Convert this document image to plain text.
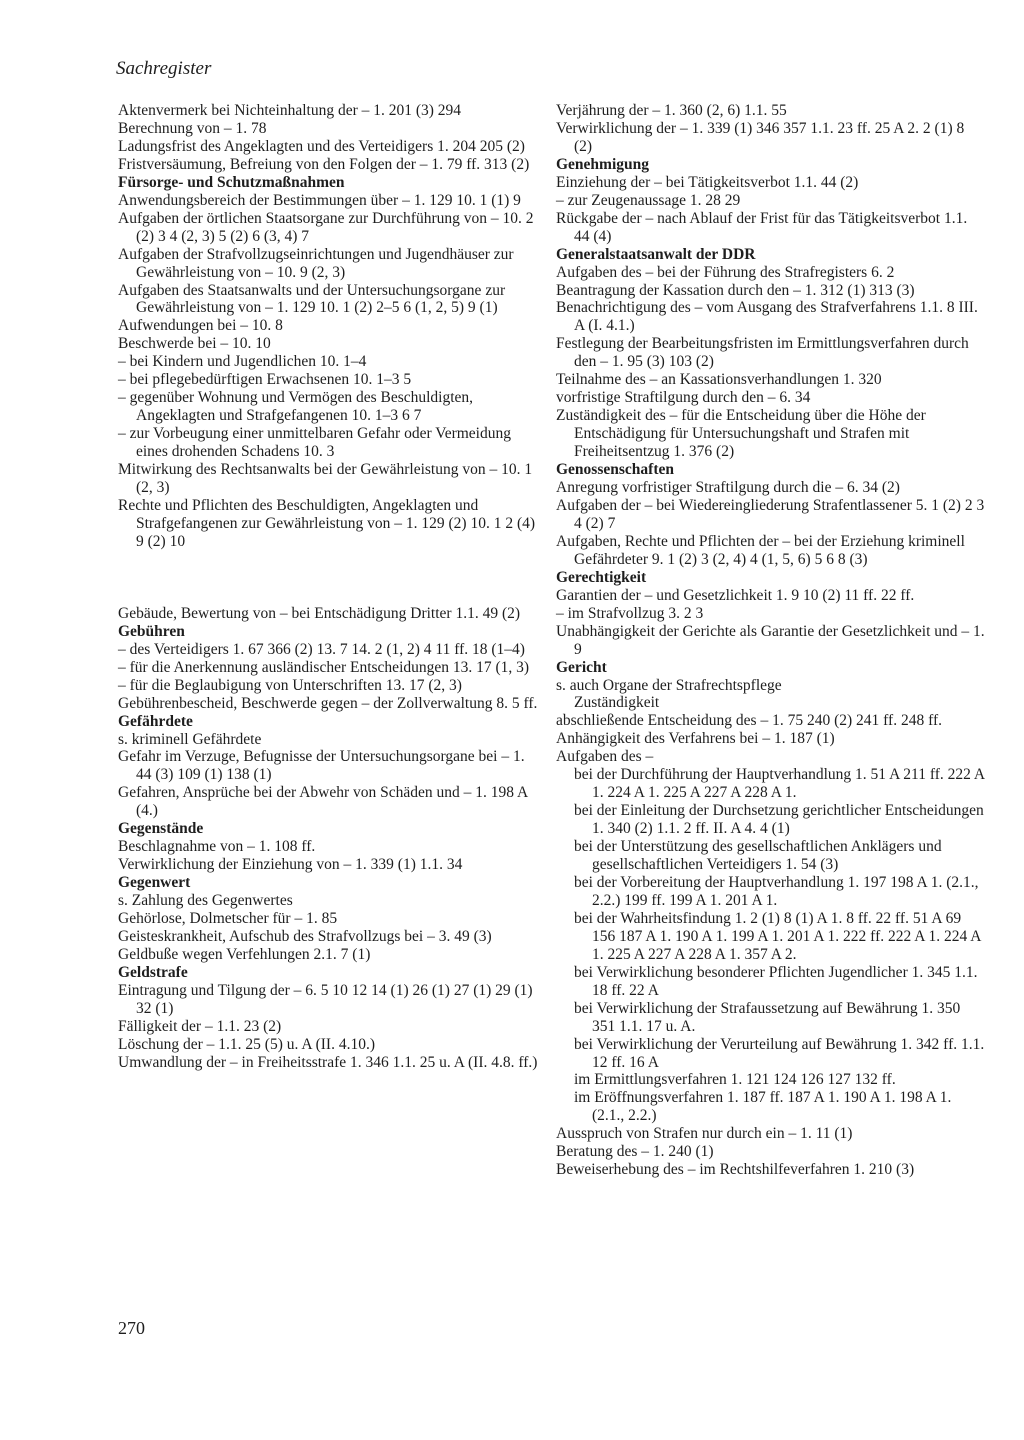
Sachregister
Aktenvermerk bei Nichteinhaltung der – 1. 201 (3) 294
Berechnung von – 1. 78
Ladungsfrist des Angeklagten und des Verteidigers 1. 204 205 (2)
Fristversäumung, Befreiung von den Folgen der – 1. 79 ff. 313 (2)
Fürsorge- und Schutzmaßnahmen
Anwendungsbereich der Bestimmungen über – 1. 129 10. 1 (1) 9
Aufgaben der örtlichen Staatsorgane zur Durchführung von – 10. 2 (2) 3 4 (2, 3) 5 (2) 6 (3, 4) 7
Aufgaben der Strafvollzugseinrichtungen und Jugendhäuser zur Gewährleistung von – 10. 9 (2, 3)
Aufgaben des Staatsanwalts und der Untersuchungsorgane zur Gewährleistung von – 1. 129 10. 1 (2) 2–5 6 (1, 2, 5) 9 (1)
Aufwendungen bei – 10. 8
Beschwerde bei – 10. 10
– bei Kindern und Jugendlichen 10. 1–4
– bei pflegebedürftigen Erwachsenen 10. 1–3 5
– gegenüber Wohnung und Vermögen des Beschuldigten, Angeklagten und Strafgefangenen 10. 1–3 6 7
– zur Vorbeugung einer unmittelbaren Gefahr oder Vermeidung eines drohenden Schadens 10. 3
Mitwirkung des Rechtsanwalts bei der Gewährleistung von – 10. 1 (2, 3)
Rechte und Pflichten des Beschuldigten, Angeklagten und Strafgefangenen zur Gewährleistung von – 1. 129 (2) 10. 1 2 (4) 9 (2) 10
Gebäude, Bewertung von – bei Entschädigung Dritter 1.1. 49 (2)
Gebühren
– des Verteidigers 1. 67 366 (2) 13. 7 14. 2 (1, 2) 4 11 ff. 18 (1–4)
– für die Anerkennung ausländischer Entscheidungen 13. 17 (1, 3)
– für die Beglaubigung von Unterschriften 13. 17 (2, 3)
Gebührenbescheid, Beschwerde gegen – der Zollverwaltung 8. 5 ff.
Gefährdete
s. kriminell Gefährdete
Gefahr im Verzuge, Befugnisse der Untersuchungsorgane bei – 1. 44 (3) 109 (1) 138 (1)
Gefahren, Ansprüche bei der Abwehr von Schäden und – 1. 198 A (4.)
Gegenstände
Beschlagnahme von – 1. 108 ff.
Verwirklichung der Einziehung von – 1. 339 (1) 1.1. 34
Gegenwert
s. Zahlung des Gegenwertes
Gehörlose, Dolmetscher für – 1. 85
Geisteskrankheit, Aufschub des Strafvollzugs bei – 3. 49 (3)
Geldbuße wegen Verfehlungen 2.1. 7 (1)
Geldstrafe
Eintragung und Tilgung der – 6. 5 10 12 14 (1) 26 (1) 27 (1) 29 (1) 32 (1)
Fälligkeit der – 1.1. 23 (2)
Löschung der – 1.1. 25 (5) u. A (II. 4.10.)
Umwandlung der – in Freiheitsstrafe 1. 346 1.1. 25 u. A (II. 4.8. ff.)
Verjährung der – 1. 360 (2, 6) 1.1. 55
Verwirklichung der – 1. 339 (1) 346 357 1.1. 23 ff. 25 A 2. 2 (1) 8 (2)
Genehmigung
Einziehung der – bei Tätigkeitsverbot 1.1. 44 (2)
– zur Zeugenaussage 1. 28 29
Rückgabe der – nach Ablauf der Frist für das Tätigkeitsverbot 1.1. 44 (4)
Generalstaatsanwalt der DDR
Aufgaben des – bei der Führung des Strafregisters 6. 2
Beantragung der Kassation durch den – 1. 312 (1) 313 (3)
Benachrichtigung des – vom Ausgang des Strafverfahrens 1.1. 8 III. A (I. 4.1.)
Festlegung der Bearbeitungsfristen im Ermittlungsverfahren durch den – 1. 95 (3) 103 (2)
Teilnahme des – an Kassationsverhandlungen 1. 320
vorfristige Straftilgung durch den – 6. 34
Zuständigkeit des – für die Entscheidung über die Höhe der Entschädigung für Untersuchungshaft und Strafen mit Freiheitsentzug 1. 376 (2)
Genossenschaften
Anregung vorfristiger Straftilgung durch die – 6. 34 (2)
Aufgaben der – bei Wiedereingliederung Strafentlassener 5. 1 (2) 2 3 4 (2) 7
Aufgaben, Rechte und Pflichten der – bei der Erziehung kriminell Gefährdeter 9. 1 (2) 3 (2, 4) 4 (1, 5, 6) 5 6 8 (3)
Gerechtigkeit
Garantien der – und Gesetzlichkeit 1. 9 10 (2) 11 ff. 22 ff.
– im Strafvollzug 3. 2 3
Unabhängigkeit der Gerichte als Garantie der Gesetzlichkeit und – 1. 9
Gericht
s. auch Organe der Strafrechtspflege
Zuständigkeit
abschließende Entscheidung des – 1. 75 240 (2) 241 ff. 248 ff.
Anhängigkeit des Verfahrens bei – 1. 187 (1)
Aufgaben des –
bei der Durchführung der Hauptverhandlung 1. 51 A 211 ff. 222 A 1. 224 A 1. 225 A 227 A 228 A 1.
bei der Einleitung der Durchsetzung gerichtlicher Entscheidungen 1. 340 (2) 1.1. 2 ff. II. A 4. 4 (1)
bei der Unterstützung des gesellschaftlichen Anklägers und gesellschaftlichen Verteidigers 1. 54 (3)
bei der Vorbereitung der Hauptverhandlung 1. 197 198 A 1. (2.1., 2.2.) 199 ff. 199 A 1. 201 A 1.
bei der Wahrheitsfindung 1. 2 (1) 8 (1) A 1. 8 ff. 22 ff. 51 A 69 156 187 A 1. 190 A 1. 199 A 1. 201 A 1. 222 ff. 222 A 1. 224 A 1. 225 A 227 A 228 A 1. 357 A 2.
bei Verwirklichung besonderer Pflichten Jugendlicher 1. 345 1.1. 18 ff. 22 A
bei Verwirklichung der Strafaussetzung auf Bewährung 1. 350 351 1.1. 17 u. A.
bei Verwirklichung der Verurteilung auf Bewährung 1. 342 ff. 1.1. 12 ff. 16 A
im Ermittlungsverfahren 1. 121 124 126 127 132 ff.
im Eröffnungsverfahren 1. 187 ff. 187 A 1. 190 A 1. 198 A 1. (2.1., 2.2.)
Ausspruch von Strafen nur durch ein – 1. 11 (1)
Beratung des – 1. 240 (1)
Beweiserhebung des – im Rechtshilfeverfahren 1. 210 (3)
270
